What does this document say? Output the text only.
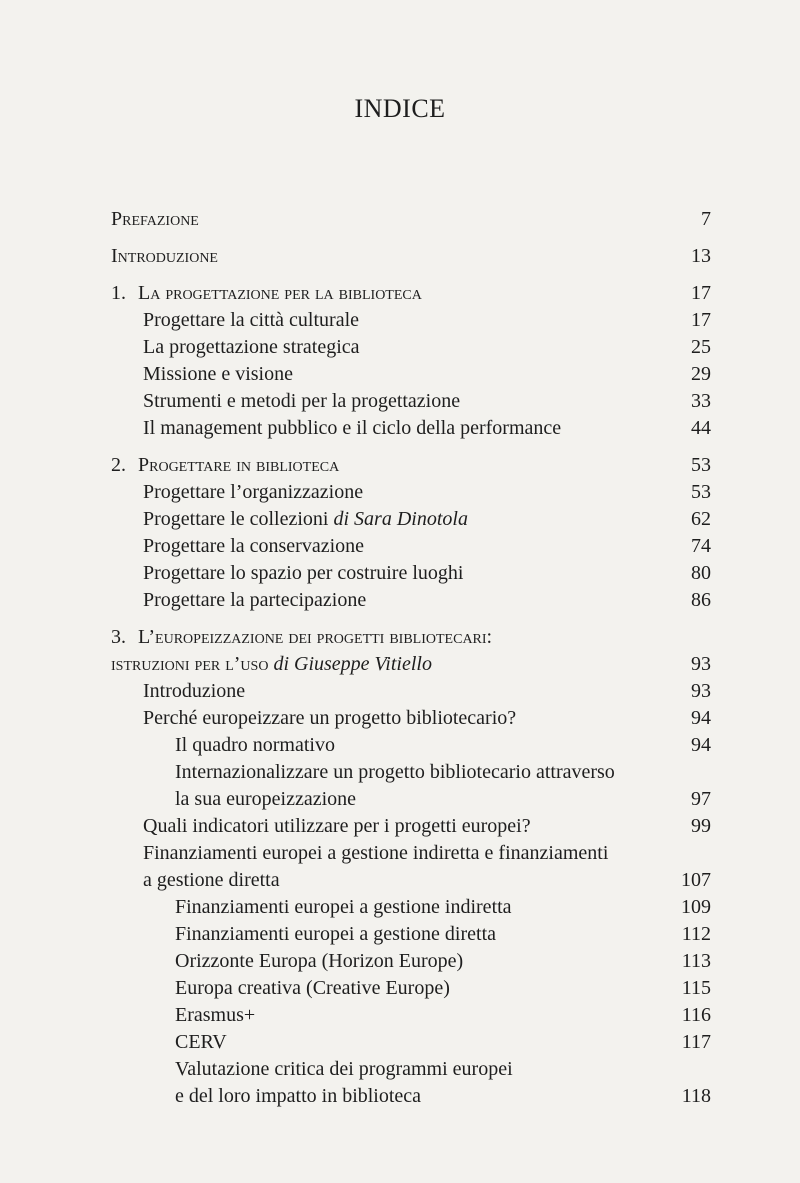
INDICE
Prefazione	7
Introduzione	13
1. La progettazione per la biblioteca	17
Progettare la città culturale	17
La progettazione strategica	25
Missione e visione	29
Strumenti e metodi per la progettazione	33
Il management pubblico e il ciclo della performance	44
2. Progettare in biblioteca	53
Progettare l’organizzazione	53
Progettare le collezioni di Sara Dinotola	62
Progettare la conservazione	74
Progettare lo spazio per costruire luoghi	80
Progettare la partecipazione	86
3. L’europeizzazione dei progetti bibliotecari:
istruzioni per l’uso di Giuseppe Vitiello	93
Introduzione	93
Perché europeizzare un progetto bibliotecario?	94
Il quadro normativo	94
Internazionalizzare un progetto bibliotecario attraverso
la sua europeizzazione	97
Quali indicatori utilizzare per i progetti europei?	99
Finanziamenti europei a gestione indiretta e finanziamenti
a gestione diretta	107
Finanziamenti europei a gestione indiretta	109
Finanziamenti europei a gestione diretta	112
Orizzonte Europa (Horizon Europe)	113
Europa creativa (Creative Europe)	115
Erasmus+	116
CERV	117
Valutazione critica dei programmi europei
e del loro impatto in biblioteca	118
